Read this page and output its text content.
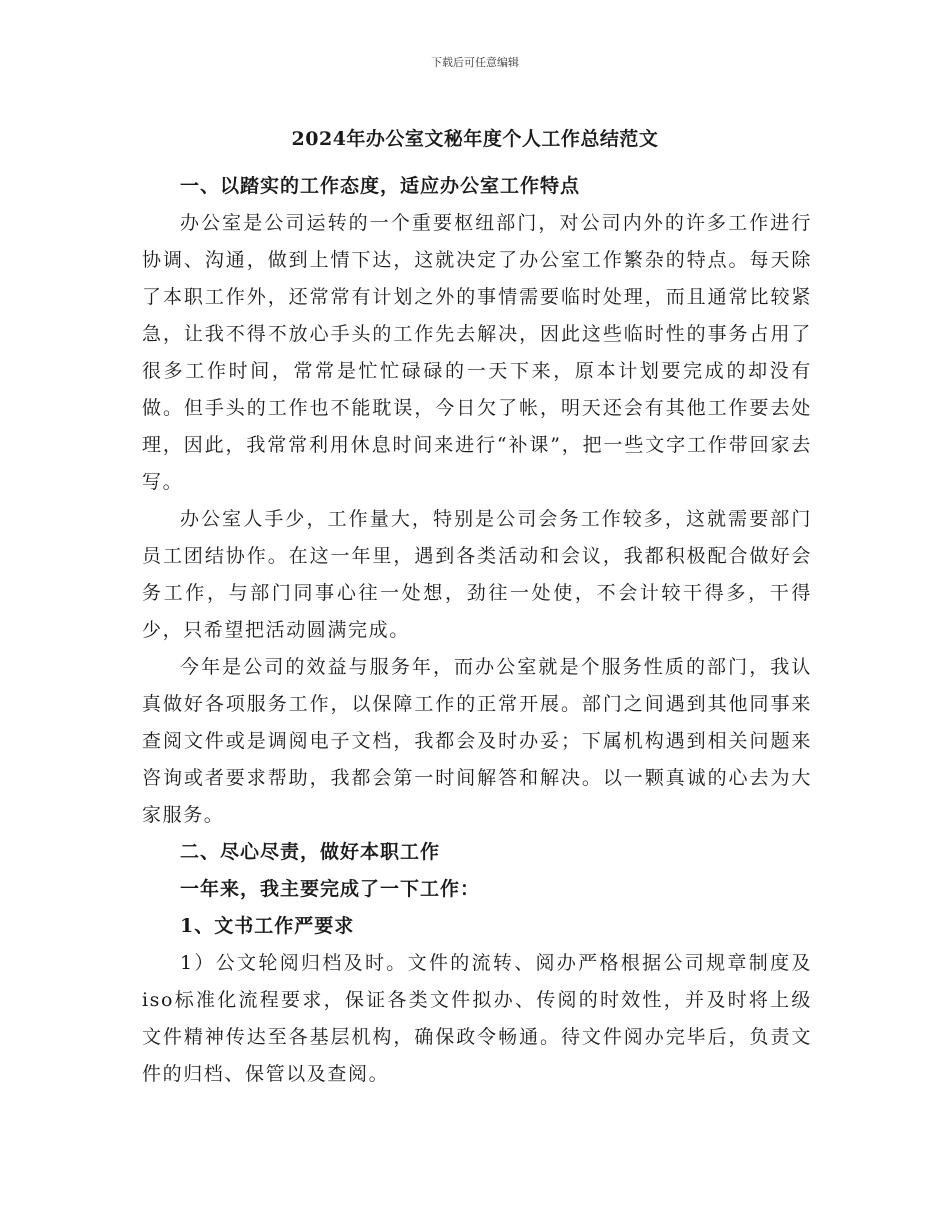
下载后可任意编辑
2024年办公室文秘年度个人工作总结范文

一、以踏实的工作态度，适应办公室工作特点

办公室是公司运转的一个重要枢纽部门，对公司内外的许多工作进行协调、沟通，做到上情下达，这就决定了办公室工作繁杂的特点。每天除了本职工作外，还常常有计划之外的事情需要临时处理，而且通常比较紧急，让我不得不放心手头的工作先去解决，因此这些临时性的事务占用了很多工作时间，常常是忙忙碌碌的一天下来，原本计划要完成的却没有做。但手头的工作也不能耽误，今日欠了帐，明天还会有其他工作要去处理，因此，我常常利用休息时间来进行“补课”，把一些文字工作带回家去写。

办公室人手少，工作量大，特别是公司会务工作较多，这就需要部门员工团结协作。在这一年里，遇到各类活动和会议，我都积极配合做好会务工作，与部门同事心往一处想，劲往一处使，不会计较干得多，干得少，只希望把活动圆满完成。

今年是公司的效益与服务年，而办公室就是个服务性质的部门，我认真做好各项服务工作，以保障工作的正常开展。部门之间遇到其他同事来查阅文件或是调阅电子文档，我都会及时办妥；下属机构遇到相关问题来咨询或者要求帮助，我都会第一时间解答和解决。以一颗真诚的心去为大家服务。

二、尽心尽责，做好本职工作

一年来，我主要完成了一下工作：

1、文书工作严要求

1）公文轮阅归档及时。文件的流转、阅办严格根据公司规章制度及iso标准化流程要求，保证各类文件拟办、传阅的时效性，并及时将上级文件精神传达至各基层机构，确保政令畅通。待文件阅办完毕后，负责文件的归档、保管以及查阅。
